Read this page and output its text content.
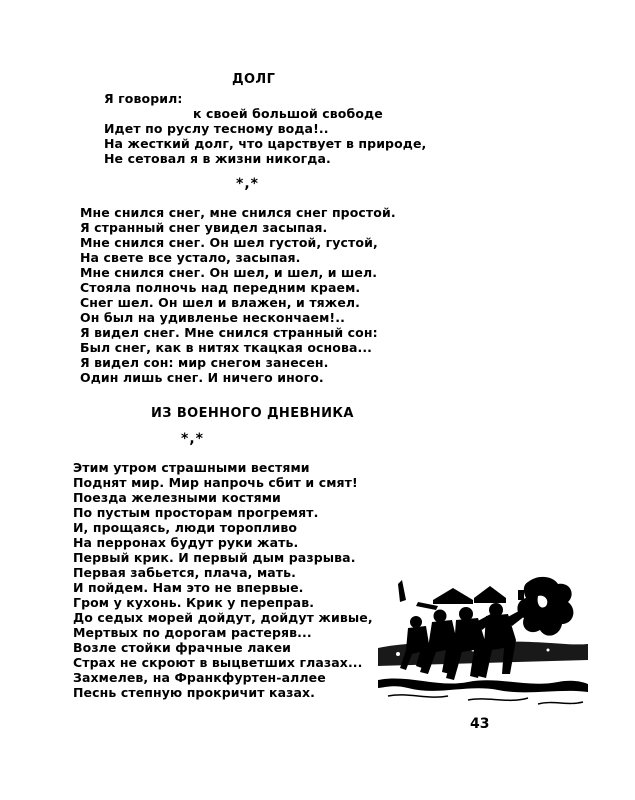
ДОЛГ
Я говорил:
к своей большой свободе
Идет по руслу тесному вода!..
На жесткий долг, что царствует в природе,
Не сетовал я в жизни никогда.
*,*
Мне снился снег, мне снился снег простой.
Я странный снег увидел засыпая.
Мне снился снег. Он шел густой, густой,
На свете все устало, засыпая.
Мне снился снег. Он шел, и шел, и шел.
Стояла полночь над передним краем.
Снег шел. Он шел и влажен, и тяжел.
Он был на удивленье нескончаем!..
Я видел снег. Мне снился странный сон:
Был снег, как в нитях ткацкая основа...
Я видел сон: мир снегом занесен.
Один лишь снег. И ничего иного.
ИЗ ВОЕННОГО ДНЕВНИКА
*,*
Этим утром страшными вестями
Поднят мир. Мир напрочь сбит и смят!
Поезда железными костями
По пустым просторам прогремят.
И, прощаясь, люди торопливо
На перронах будут руки жать.
Первый крик. И первый дым разрыва.
Первая забьется, плача, мать.
И пойдем. Нам это не впервые.
Гром у кухонь. Крик у переправ.
До седых морей дойдут, дойдут живые,
Мертвых по дорогам растеряв...
Возле стойки фрачные лакеи
Страх не скроют в выцветших глазах...
Захмелев, на Франкфуртен-аллее
Песнь степную прокричит казах.
43
